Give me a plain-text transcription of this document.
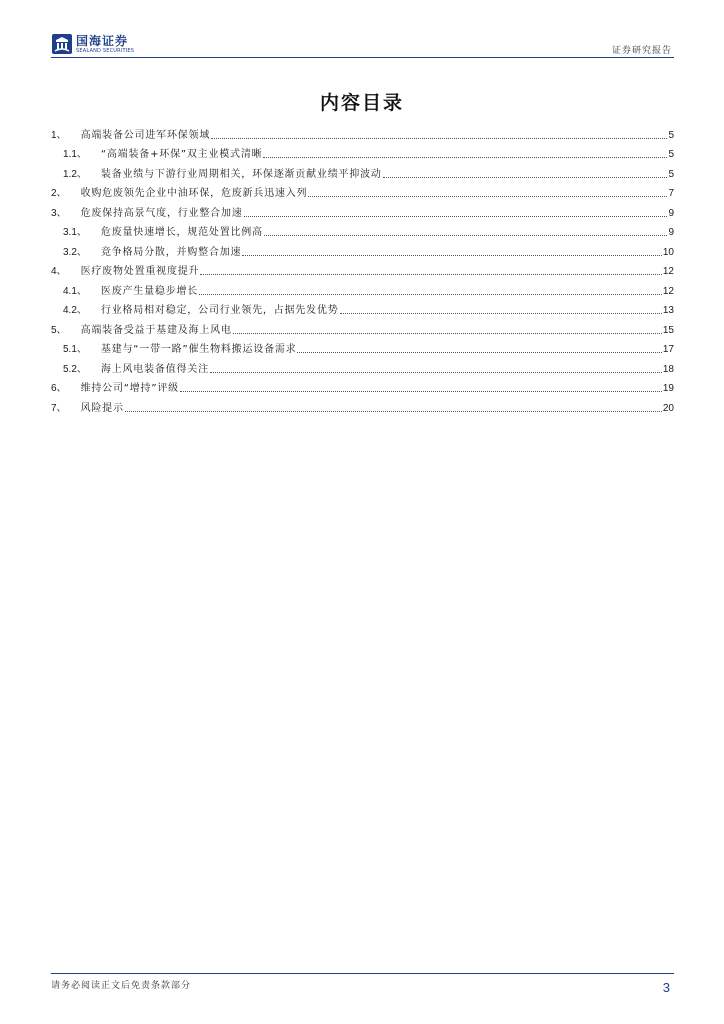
国海证券
SEALAND SECURITIES	证券研究报告
内容目录
1、 高端装备公司进军环保领域	5
1.1、 “高端装备+环保”双主业模式清晰	5
1.2、 装备业绩与下游行业周期相关，环保逐渐贡献业绩平抑波动	5
2、 收购危废领先企业中油环保，危废新兵迅速入列	7
3、 危废保持高景气度，行业整合加速	9
3.1、 危废量快速增长，规范处置比例高	9
3.2、 竞争格局分散，并购整合加速	10
4、 医疗废物处置重视度提升	12
4.1、 医废产生量稳步增长	12
4.2、 行业格局相对稳定，公司行业领先，占据先发优势	13
5、 高端装备受益于基建及海上风电	15
5.1、 基建与“一带一路”催生物料搬运设备需求	17
5.2、 海上风电装备值得关注	18
6、 维持公司“增持”评级	19
7、 风险提示	20
请务必阅读正文后免责条款部分	3
